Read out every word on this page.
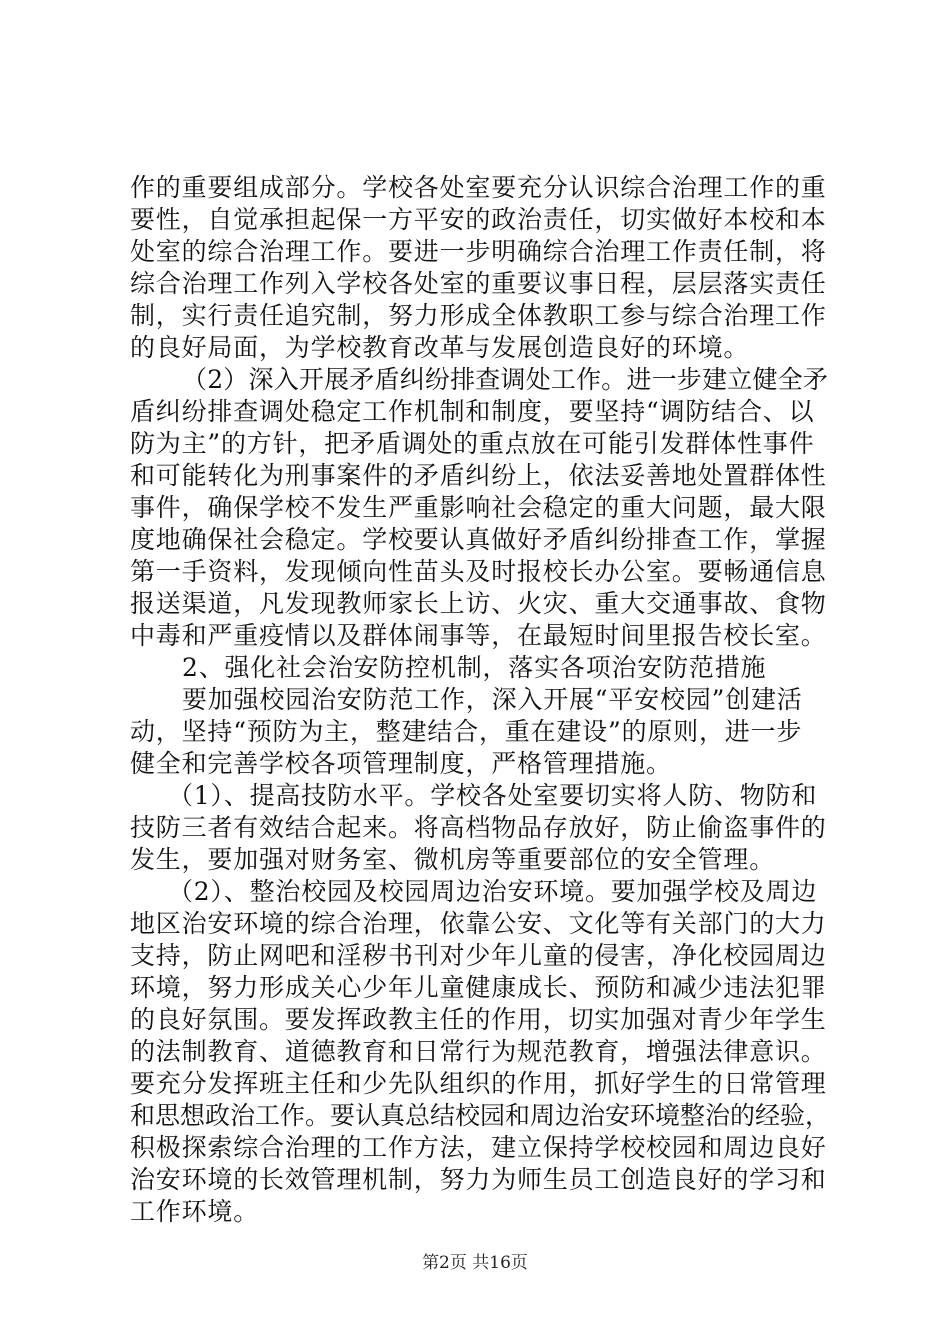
作的重要组成部分。学校各处室要充分认识综合治理工作的重
要性，自觉承担起保一方平安的政治责任，切实做好本校和本
处室的综合治理工作。要进一步明确综合治理工作责任制，将
综合治理工作列入学校各处室的重要议事日程，层层落实责任
制，实行责任追究制，努力形成全体教职工参与综合治理工作
的良好局面，为学校教育改革与发展创造良好的环境。
（2）深入开展矛盾纠纷排查调处工作。进一步建立健全矛
盾纠纷排查调处稳定工作机制和制度，要坚持“调防结合、以
防为主”的方针，把矛盾调处的重点放在可能引发群体性事件
和可能转化为刑事案件的矛盾纠纷上，依法妥善地处置群体性
事件，确保学校不发生严重影响社会稳定的重大问题，最大限
度地确保社会稳定。学校要认真做好矛盾纠纷排查工作，掌握
第一手资料，发现倾向性苗头及时报校长办公室。要畅通信息
报送渠道，凡发现教师家长上访、火灾、重大交通事故、食物
中毒和严重疫情以及群体闹事等，在最短时间里报告校长室。
2、强化社会治安防控机制，落实各项治安防范措施
要加强校园治安防范工作，深入开展“平安校园”创建活
动，坚持“预防为主，整建结合，重在建设”的原则，进一步
健全和完善学校各项管理制度，严格管理措施。
（1）、提高技防水平。学校各处室要切实将人防、物防和
技防三者有效结合起来。将高档物品存放好，防止偷盗事件的
发生，要加强对财务室、微机房等重要部位的安全管理。
（2）、整治校园及校园周边治安环境。要加强学校及周边
地区治安环境的综合治理，依靠公安、文化等有关部门的大力
支持，防止网吧和淫秽书刊对少年儿童的侵害，净化校园周边
环境，努力形成关心少年儿童健康成长、预防和减少违法犯罪
的良好氛围。要发挥政教主任的作用，切实加强对青少年学生
的法制教育、道德教育和日常行为规范教育，增强法律意识。
要充分发挥班主任和少先队组织的作用，抓好学生的日常管理
和思想政治工作。要认真总结校园和周边治安环境整治的经验，
积极探索综合治理的工作方法，建立保持学校校园和周边良好
治安环境的长效管理机制，努力为师生员工创造良好的学习和
工作环境。
第2页 共16页
